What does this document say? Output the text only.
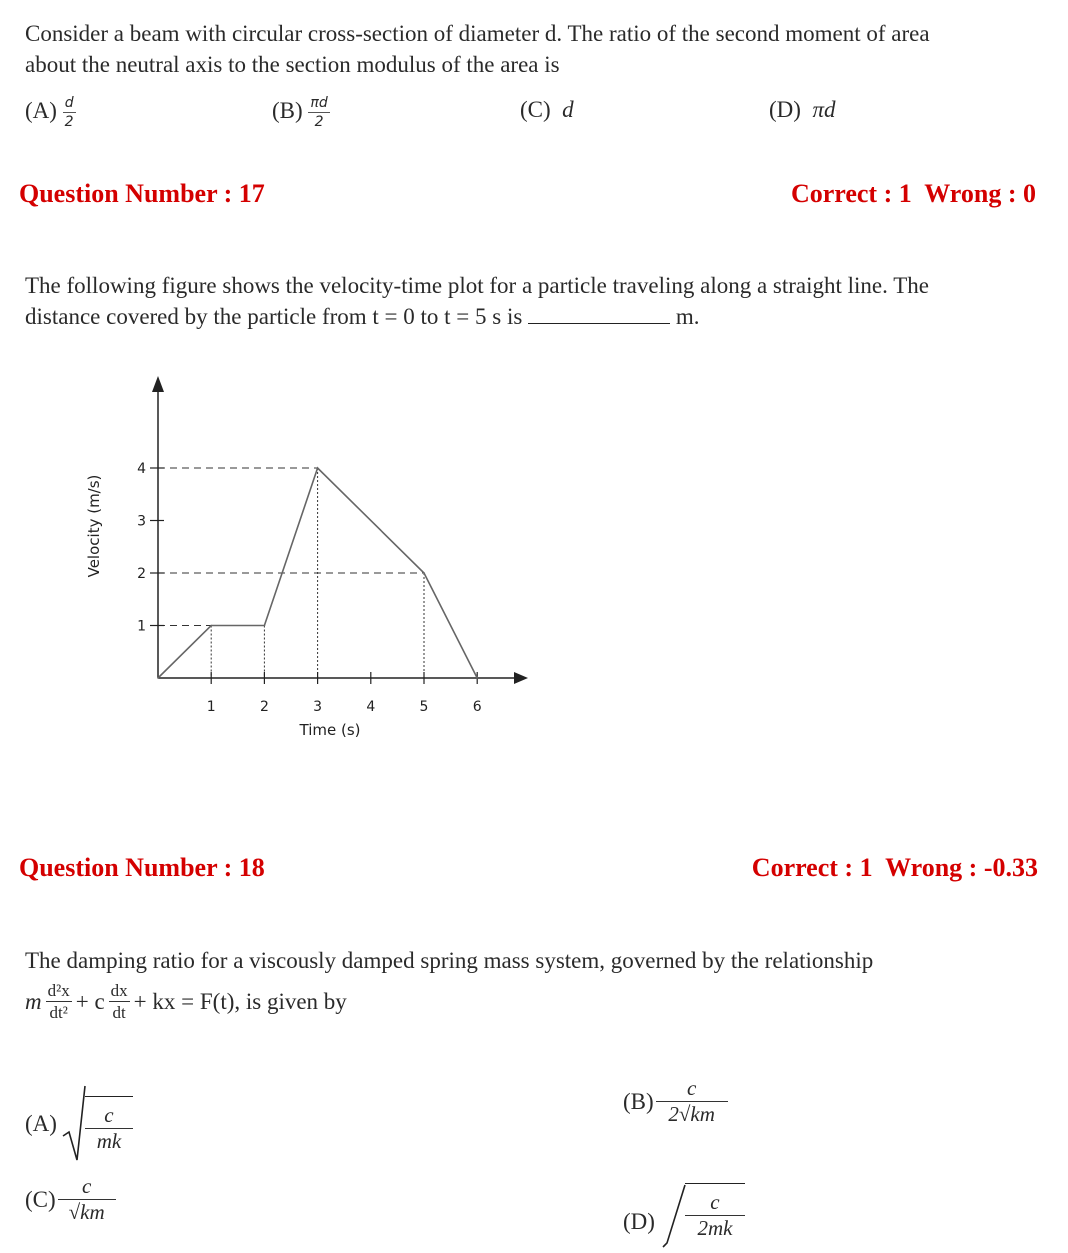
Consider a beam with circular cross-section of diameter d. The ratio of the second moment of area
about the neutral axis to the section modulus of the area is
$(A) \frac{d}{2}$	$(B) \frac{\pi d}{2}$	(C) d	(D) πd
Question Number : 17	Correct : 1  Wrong : 0
The following figure shows the velocity-time plot for a particle traveling along a straight line. The
distance covered by the particle from t = 0 to t = 5 s is	m.
1	2	3	4	5	6
1
2
3
4
Time (s)
Velocity (m/s)
Question Number : 18	Correct : 1  Wrong : -0.33
The damping ratio for a viscously damped spring mass system, governed by the relationship
m $\frac{\text{d²x}}{\text{dt²}} + c \frac{dx}{dt}$ + kx = F(t), is given by
$(A) \frac{c}{mk}$	$(B) \frac{c}{2√km}$
$(C) \frac{c}{√km}$	$(D) \frac{c}{2mk}$
